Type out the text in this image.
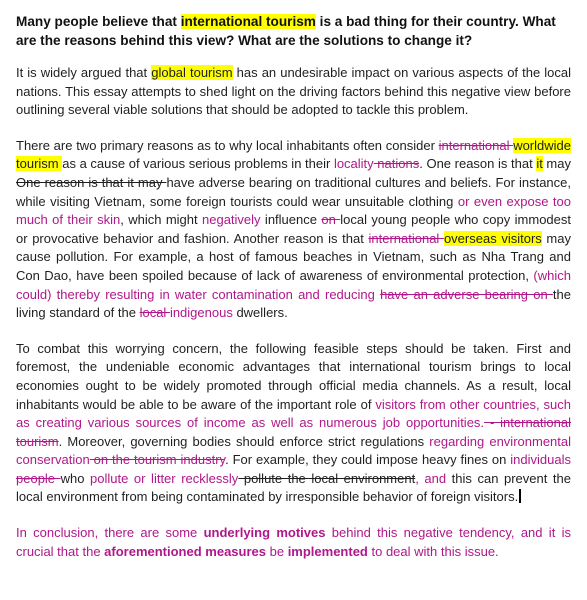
Many people believe that international tourism is a bad thing for their country. What are the reasons behind this view? What are the solutions to change it?

It is widely argued that global tourism has an undesirable impact on various aspects of the local nations. This essay attempts to shed light on the driving factors behind this negative view before outlining several viable solutions that should be adopted to tackle this problem.

There are two primary reasons as to why local inhabitants often consider international worldwide tourism as a cause of various serious problems in their locality nations. One reason is that it may One reason is that it may have adverse bearing on traditional cultures and beliefs. For instance, while visiting Vietnam, some foreign tourists could wear unsuitable clothing or even expose too much of their skin, which might negatively influence on local young people who copy immodest or provocative behavior and fashion. Another reason is that international overseas visitors may cause pollution. For example, a host of famous beaches in Vietnam, such as Nha Trang and Con Dao, have been spoiled because of lack of awareness of environmental protection, (which could) thereby resulting in water contamination and reducing have an adverse bearing on the living standard of the local indigenous dwellers.

To combat this worrying concern, the following feasible steps should be taken. First and foremost, the undeniable economic advantages that international tourism brings to local economies ought to be widely promoted through official media channels. As a result, local inhabitants would be able to be aware of the important role of visitors from other countries, such as creating various sources of income as well as numerous job opportunities. - international tourism. Moreover, governing bodies should enforce strict regulations regarding environmental conservation on the tourism industry. For example, they could impose heavy fines on individuals people who pollute or litter recklessly pollute the local environment, and this can prevent the local environment from being contaminated by irresponsible behavior of foreign visitors.

In conclusion, there are some underlying motives behind this negative tendency, and it is crucial that the aforementioned measures be implemented to deal with this issue.
